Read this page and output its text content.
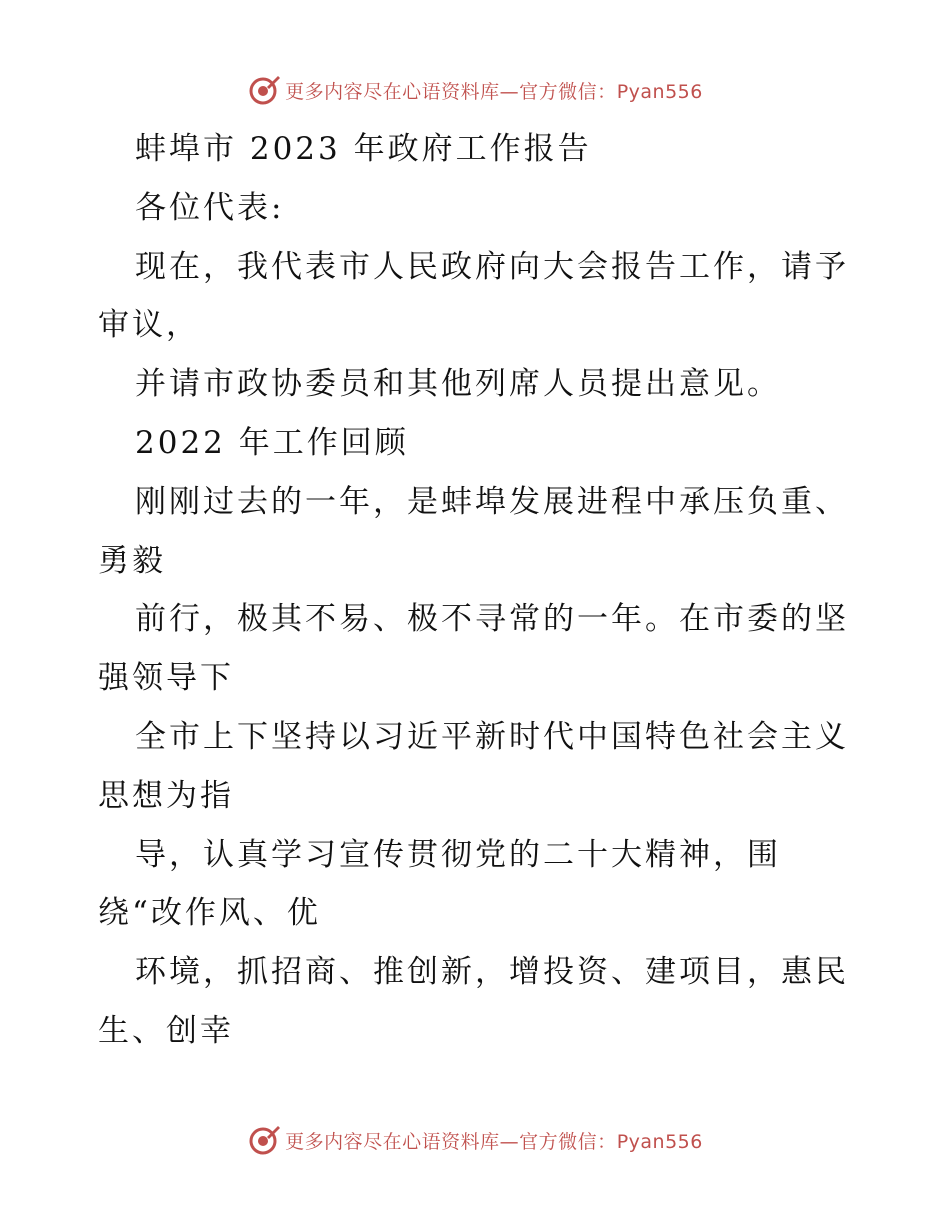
更多内容尽在心语资料库—官方微信：Pyan556
蚌埠市 2023 年政府工作报告
各位代表:
现在，我代表市人民政府向大会报告工作，请予
审议，
并请市政协委员和其他列席人员提出意见。
2022 年工作回顾
刚刚过去的一年，是蚌埠发展进程中承压负重、
勇毅
前行，极其不易、极不寻常的一年。在市委的坚
强领导下
全市上下坚持以习近平新时代中国特色社会主义
思想为指
导，认真学习宣传贯彻党的二十大精神，围
绕“改作风、优
环境，抓招商、推创新，增投资、建项目，惠民
生、创幸
更多内容尽在心语资料库—官方微信：Pyan556
